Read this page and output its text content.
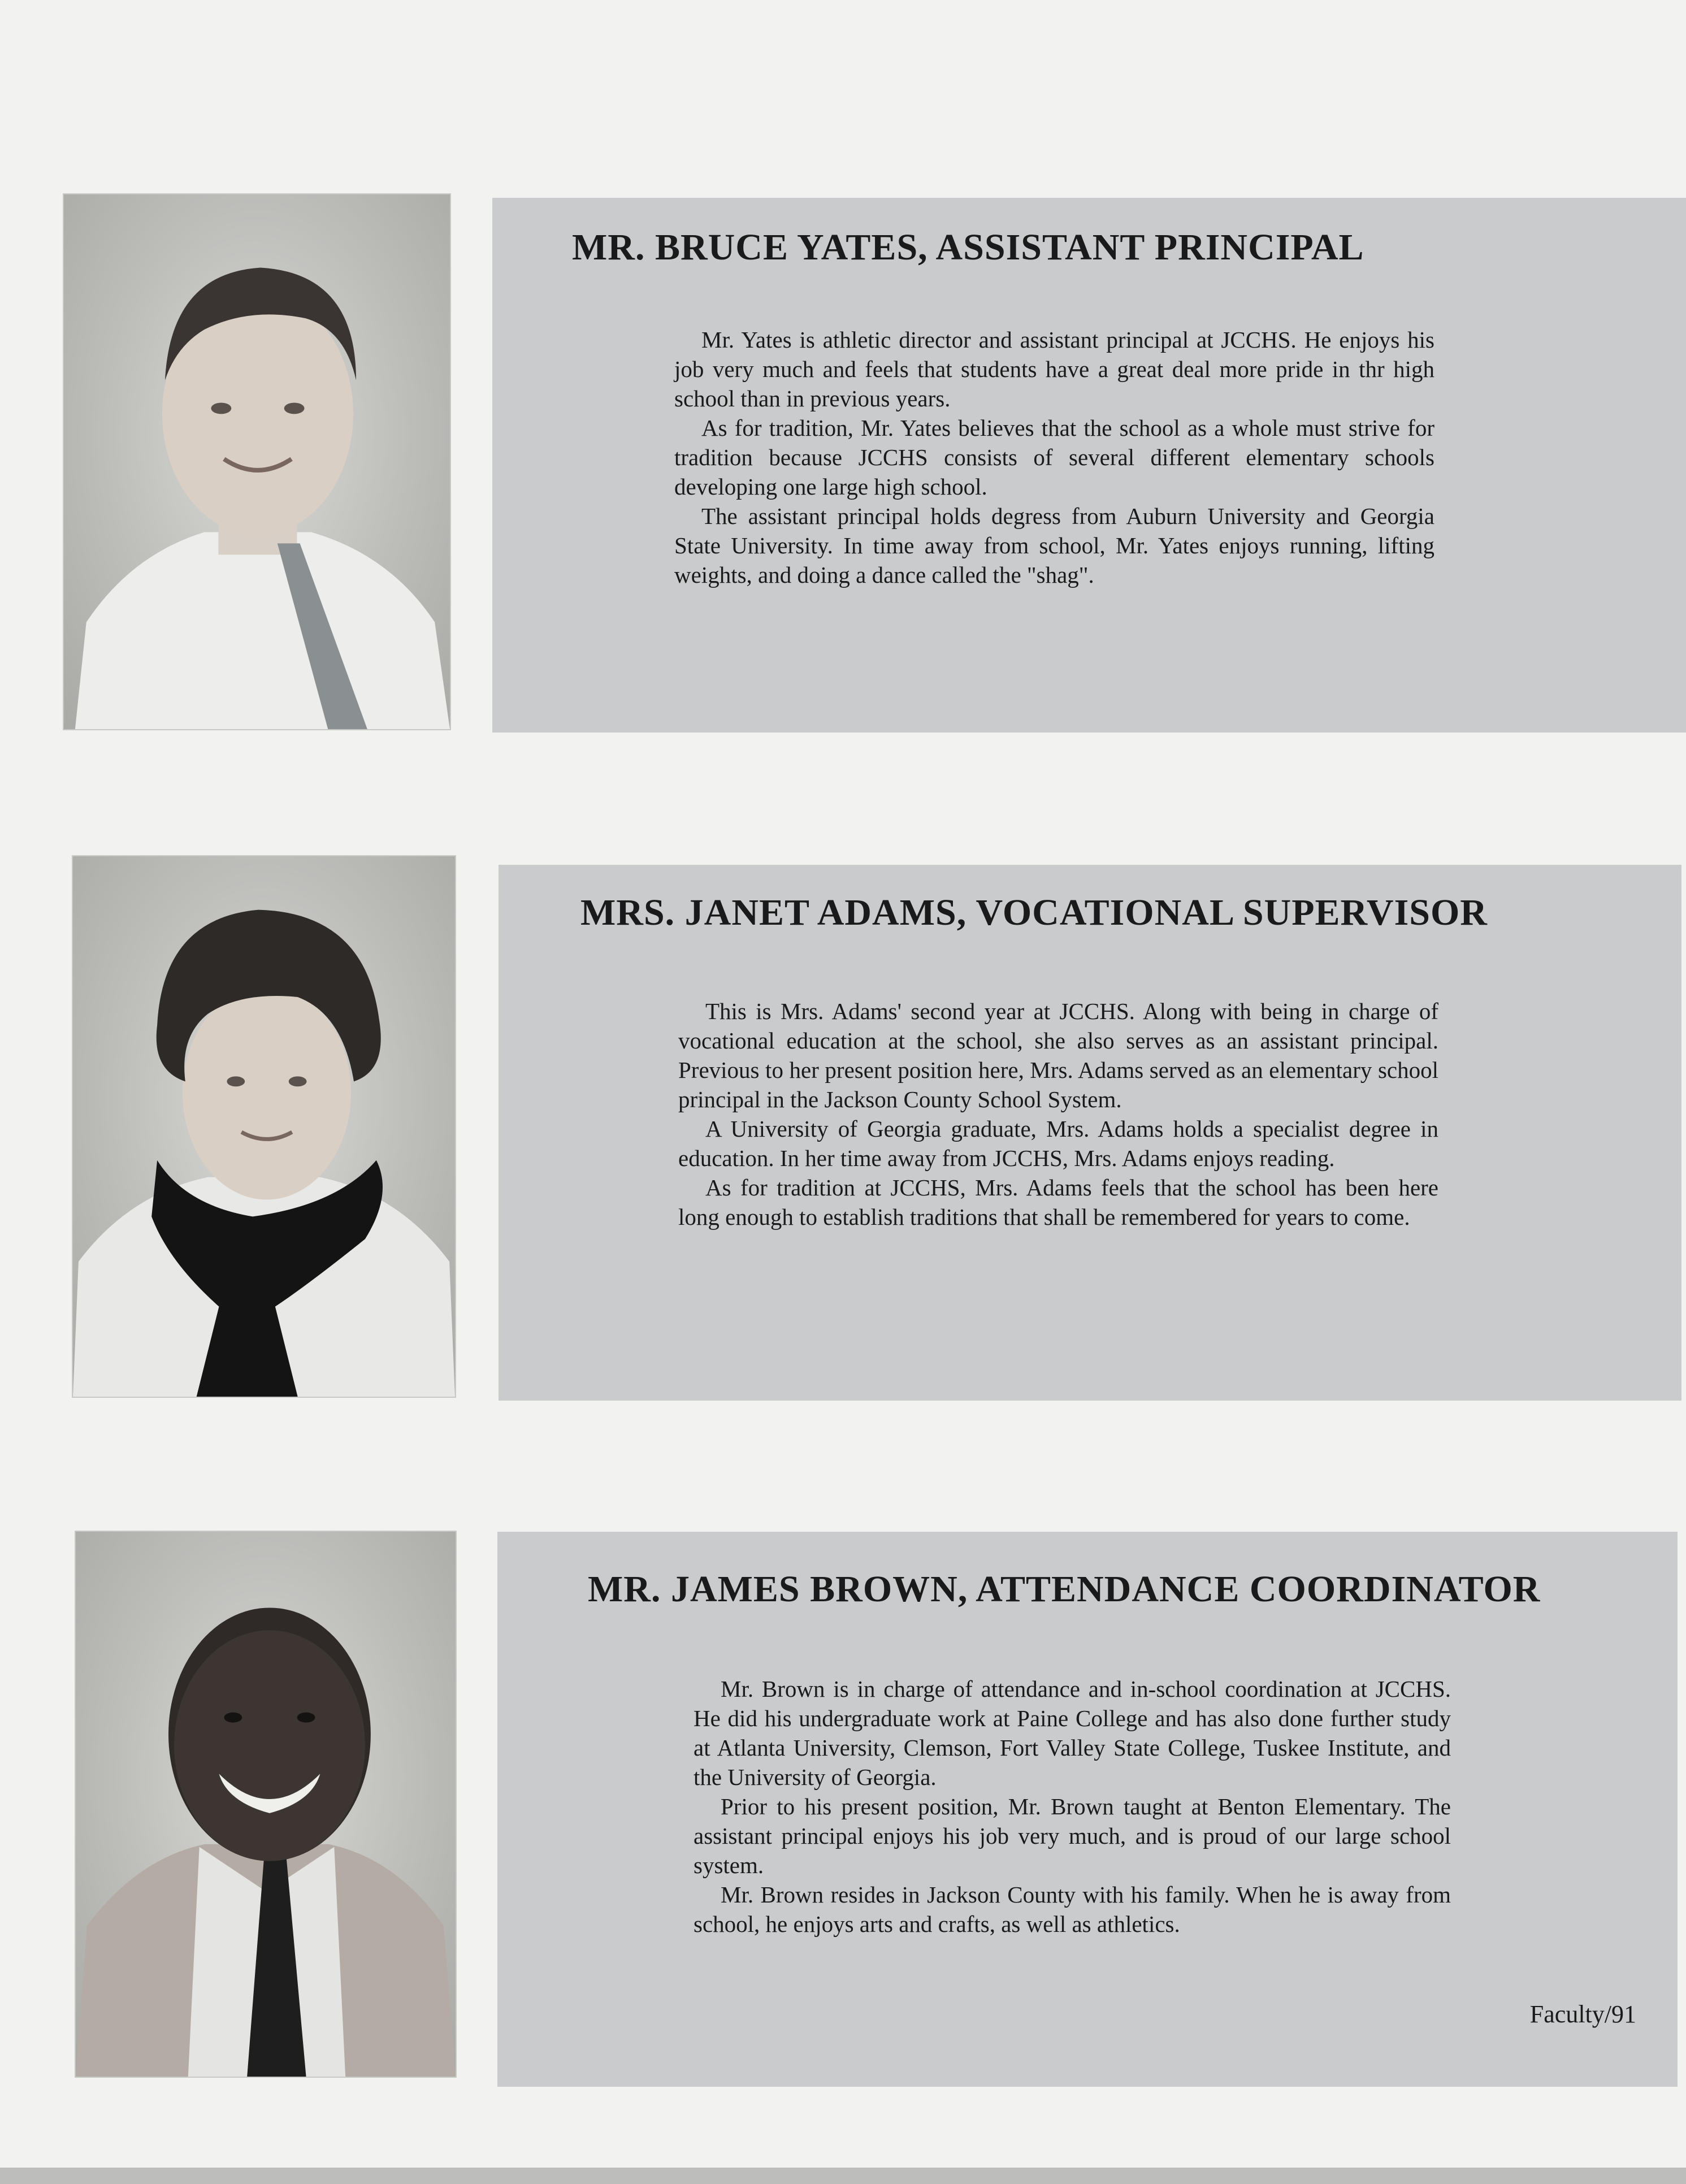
MR. BRUCE YATES, ASSISTANT PRINCIPAL

Mr. Yates is athletic director and assistant principal at JCCHS. He enjoys his job very much and feels that students have a great deal more pride in thr high school than in previous years.

As for tradition, Mr. Yates believes that the school as a whole must strive for tradition because JCCHS consists of several different elementary schools developing one large high school.

The assistant principal holds degress from Auburn University and Georgia State University. In time away from school, Mr. Yates enjoys running, lifting weights, and doing a dance called the "shag".

MRS. JANET ADAMS, VOCATIONAL SUPERVISOR

This is Mrs. Adams' second year at JCCHS. Along with being in charge of vocational education at the school, she also serves as an assistant principal. Previous to her present position here, Mrs. Adams served as an elementary school principal in the Jackson County School System.

A University of Georgia graduate, Mrs. Adams holds a specialist degree in education. In her time away from JCCHS, Mrs. Adams enjoys reading.

As for tradition at JCCHS, Mrs. Adams feels that the school has been here long enough to establish traditions that shall be remembered for years to come.

MR. JAMES BROWN, ATTENDANCE COORDINATOR

Mr. Brown is in charge of attendance and in-school coordination at JCCHS. He did his undergraduate work at Paine College and has also done further study at Atlanta University, Clemson, Fort Valley State College, Tuskee Institute, and the University of Georgia.

Prior to his present position, Mr. Brown taught at Benton Elementary. The assistant principal enjoys his job very much, and is proud of our large school system.

Mr. Brown resides in Jackson County with his family. When he is away from school, he enjoys arts and crafts, as well as athletics.

Faculty/91
